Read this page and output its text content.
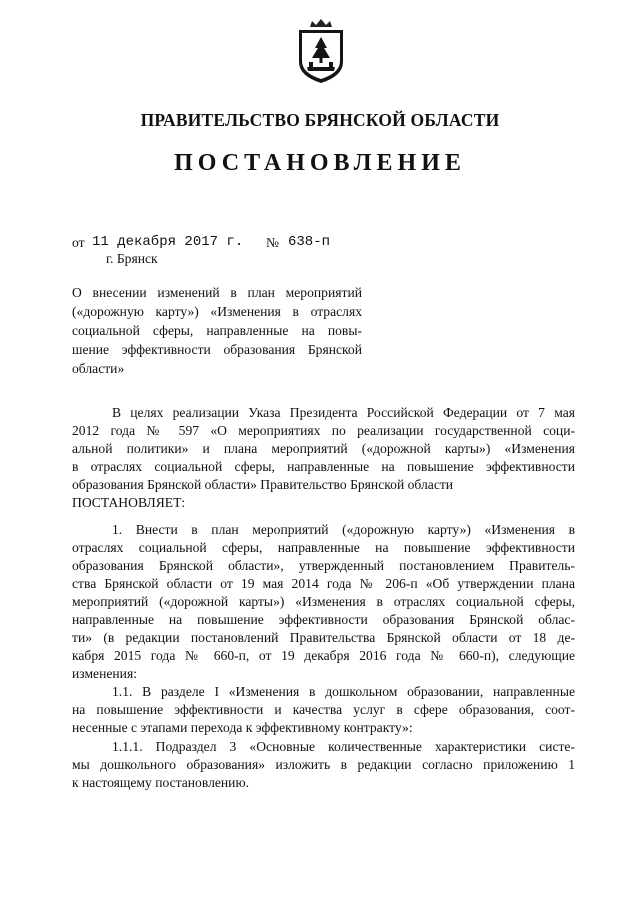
ПРАВИТЕЛЬСТВО БРЯНСКОЙ ОБЛАСТИ
ПОСТАНОВЛЕНИЕ
от 11 декабря 2017 г. № 638-п
г. Брянск
О внесении изменений в план мероприятий
(«дорожную карту») «Изменения в отраслях
социальной сферы, направленные на повы-
шение эффективности образования Брянской
области»
В целях реализации Указа Президента Российской Федерации от 7 мая
2012 года № 597 «О мероприятиях по реализации государственной соци-
альной политики» и плана мероприятий («дорожной карты») «Изменения
в отраслях социальной сферы, направленные на повышение эффективности
образования Брянской области» Правительство Брянской области
ПОСТАНОВЛЯЕТ:
1. Внести в план мероприятий («дорожную карту») «Изменения в
отраслях социальной сферы, направленные на повышение эффективности
образования Брянской области», утвержденный постановлением Правитель-
ства Брянской области от 19 мая 2014 года № 206-п «Об утверждении плана
мероприятий («дорожной карты») «Изменения в отраслях социальной сферы,
направленные на повышение эффективности образования Брянской облас-
ти» (в редакции постановлений Правительства Брянской области от 18 де-
кабря 2015 года № 660-п, от 19 декабря 2016 года № 660-п), следующие
изменения:
1.1. В разделе I «Изменения в дошкольном образовании, направленные
на повышение эффективности и качества услуг в сфере образования, соот-
несенные с этапами перехода к эффективному контракту»:
1.1.1. Подраздел 3 «Основные количественные характеристики систе-
мы дошкольного образования» изложить в редакции согласно приложению 1
к настоящему постановлению.
